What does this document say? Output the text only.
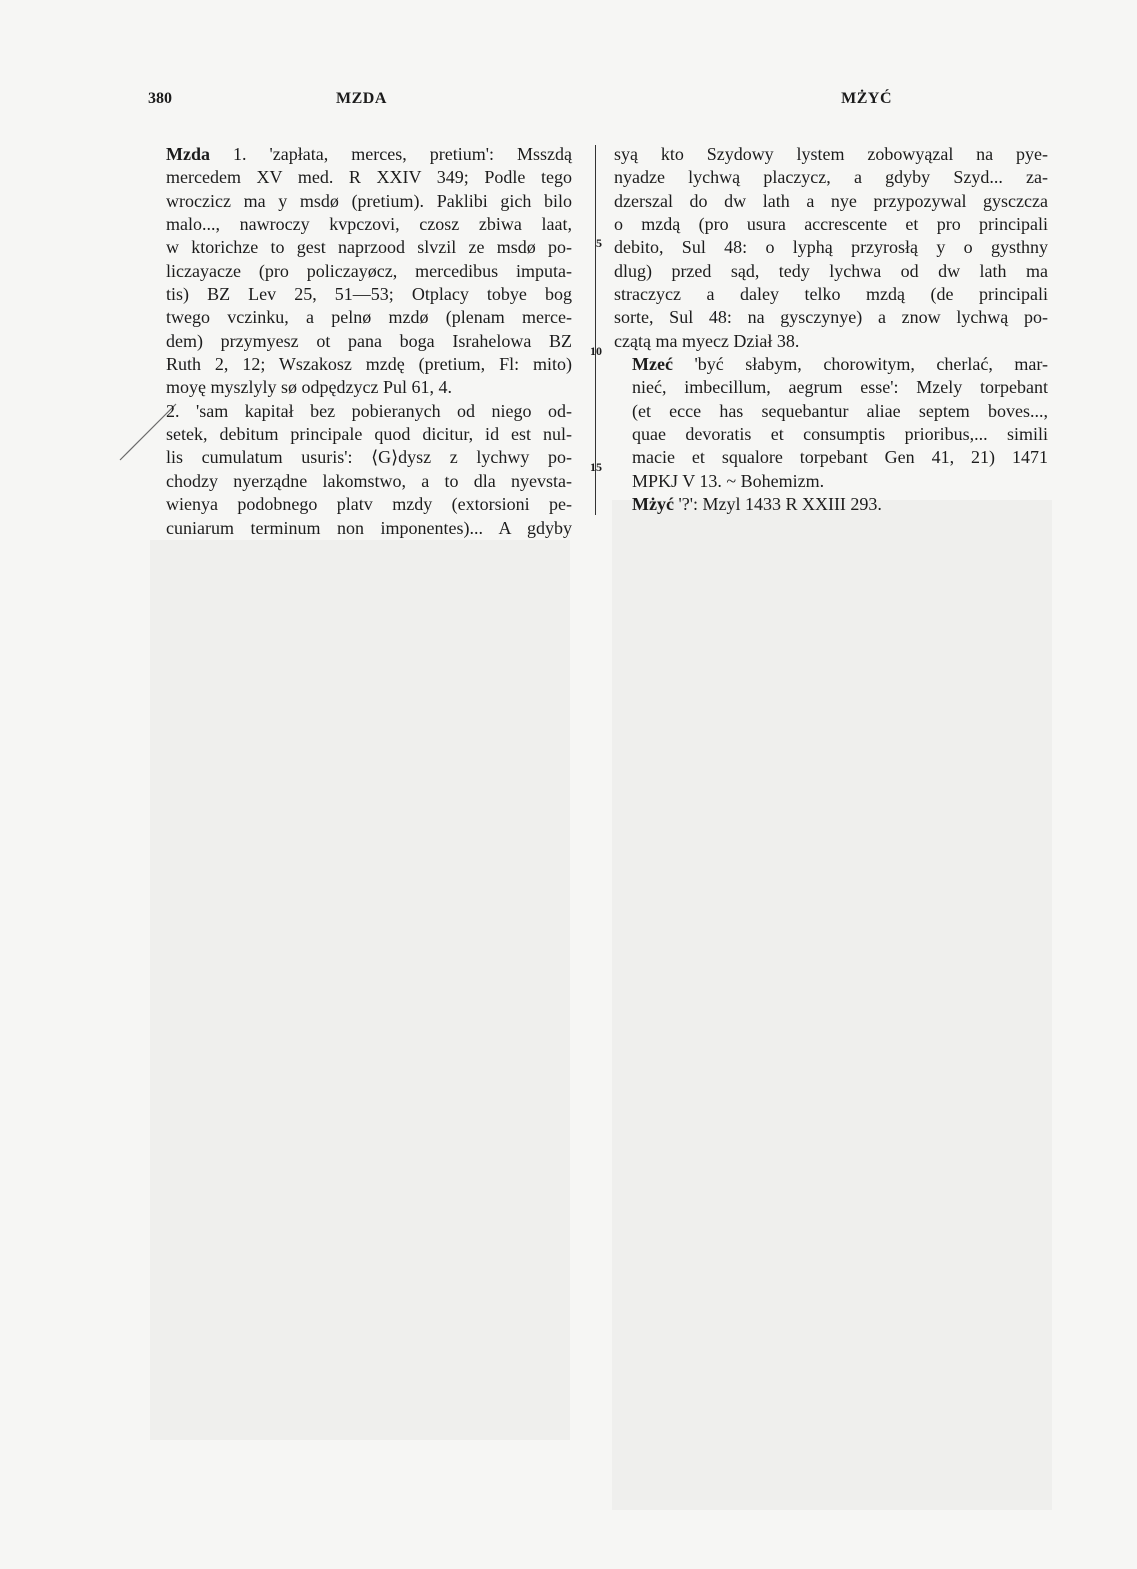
380	MZDA	MŻYĆ

Mzda 1. 'zapłata, merces, pretium': Msszdą
mercedem XV med. R XXIV 349; Podle tego
wroczicz ma y msdø (pretium). Paklibi gich bilo
malo..., nawroczy kvpczovi, czosz zbiwa laat,
w ktorichze to gest naprzood slvzil ze msdø po-
liczayacze (pro policzayøcz, mercedibus imputa-
tis) BZ Lev 25, 51—53; Otplacy tobye bog
twego vczinku, a pelnø mzdø (plenam merce-
dem) przymyesz ot pana boga Israhelowa BZ
Ruth 2, 12; Wszakosz mzdę (pretium, Fl: mito)
moyę myszlyly sø odpędzycz Pul 61, 4.

2. 'sam kapitał bez pobieranych od niego od-
setek, debitum principale quod dicitur, id est nul-
lis cumulatum usuris': ⟨G⟩dysz z lychwy po-
chodzy nyerządne lakomstwo, a to dla nyevsta-
wienya podobnego platv mzdy (extorsioni pe-
cuniarum terminum non imponentes)... A gdyby

5
10
15

syą kto Szydowy lystem zobowyązal na pye-
nyadze lychwą placzycz, a gdyby Szyd... za-
dzerszal do dw lath a nye przypozywal gysczcza
o mzdą (pro usura accrescente et pro principali
debito, Sul 48: o lyphą przyrosłą y o gysthny
dlug) przed sąd, tedy lychwa od dw lath ma
straczycz a daley telko mzdą (de principali
sorte, Sul 48: na gysczynye) a znow lychwą po-
czątą ma myecz Dział 38.

Mzeć 'być słabym, chorowitym, cherlać, mar-
nieć, imbecillum, aegrum esse': Mzely torpebant
(et ecce has sequebantur aliae septem boves...,
quae devoratis et consumptis prioribus,... simili
macie et squalore torpebant Gen 41, 21) 1471
MPKJ V 13. ~ Bohemizm.

Mżyć '?': Mzyl 1433 R XXIII 293.
